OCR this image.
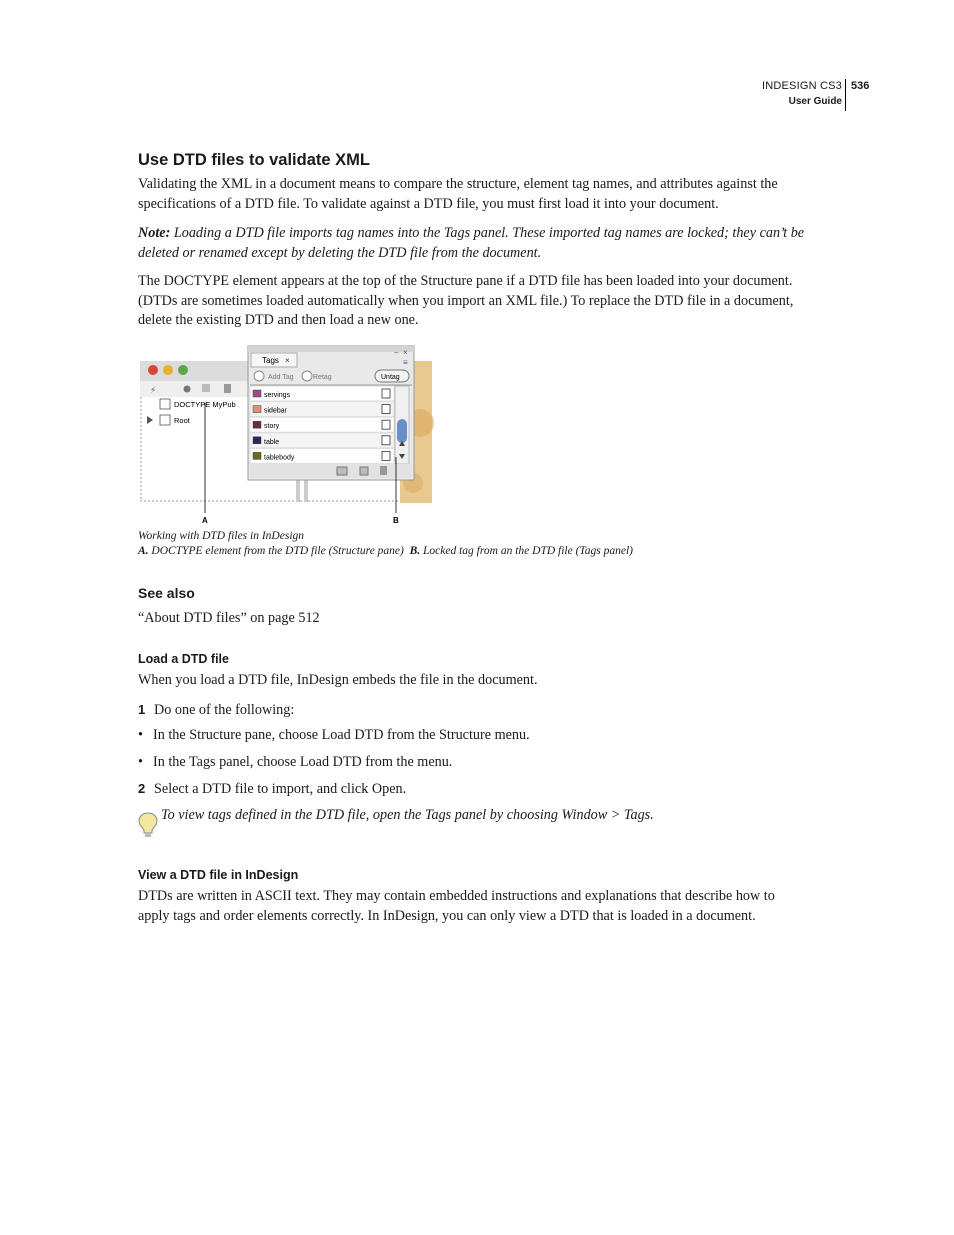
INDESIGN CS3
User Guide
536
Use DTD files to validate XML
Validating the XML in a document means to compare the structure, element tag names, and attributes against the
specifications of a DTD file. To validate against a DTD file, you must first load it into your document.
Note: Loading a DTD file imports tag names into the Tags panel. These imported tag names are locked; they can’t be
deleted or renamed except by deleting the DTD file from the document.
The DOCTYPE element appears at the top of the Structure pane if a DTD file has been loaded into your document.
(DTDs are sometimes loaded automatically when you import an XML file.) To replace the DTD file in a document,
delete the existing DTD and then load a new one.
⚡
DOCTYPE MyPub
Root
Tags ×
– ×
≡
Add Tag	Retag	Untag
servings
sidebar
story
table
tablebody
A	B
Working with DTD files in InDesign
A. DOCTYPE element from the DTD file (Structure pane) B. Locked tag from an the DTD file (Tags panel)
See also
“About DTD files” on page 512
Load a DTD file
When you load a DTD file, InDesign embeds the file in the document.
1 Do one of the following:
• In the Structure pane, choose Load DTD from the Structure menu.
• In the Tags panel, choose Load DTD from the menu.
2 Select a DTD file to import, and click Open.
To view tags defined in the DTD file, open the Tags panel by choosing Window > Tags.
View a DTD file in InDesign
DTDs are written in ASCII text. They may contain embedded instructions and explanations that describe how to
apply tags and order elements correctly. In InDesign, you can only view a DTD that is loaded in a document.
